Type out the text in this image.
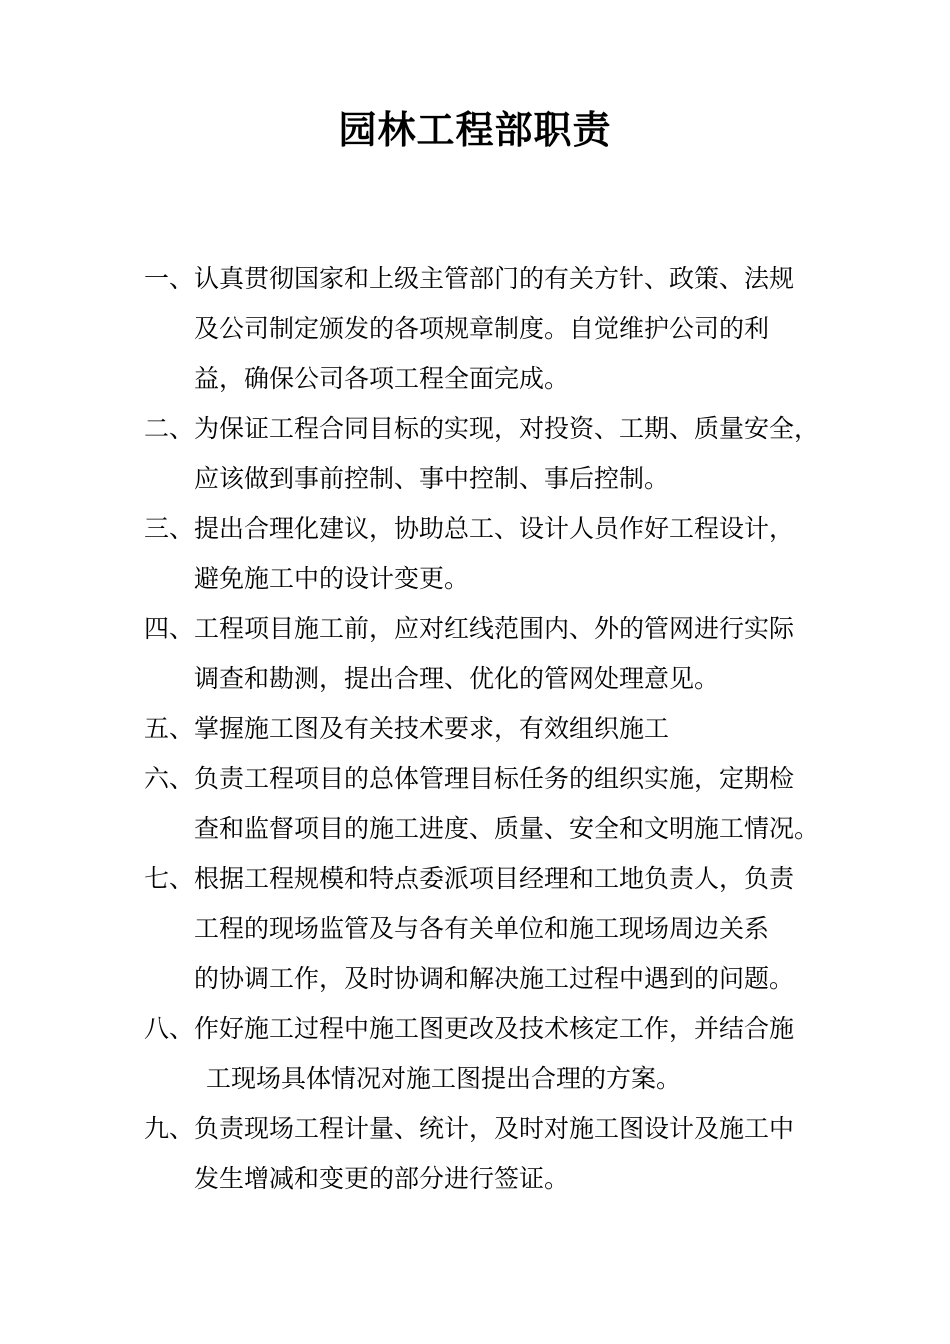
园林工程部职责
一、 认真贯彻国家和上级主管部门的有关方针、政策、法规
及公司制定颁发的各项规章制度。自觉维护公司的利
益，确保公司各项工程全面完成。
二、 为保证工程合同目标的实现，对投资、工期、质量安全，
应该做到事前控制、事中控制、事后控制。
三、 提出合理化建议，协助总工、设计人员作好工程设计，
避免施工中的设计变更。
四、 工程项目施工前，应对红线范围内、外的管网进行实际
调查和勘测，提出合理、优化的管网处理意见。
五、 掌握施工图及有关技术要求，有效组织施工
六、 负责工程项目的总体管理目标任务的组织实施，定期检
查和监督项目的施工进度、质量、安全和文明施工情况。
七、 根据工程规模和特点委派项目经理和工地负责人，负责
工程的现场监管及与各有关单位和施工现场周边关系
的协调工作，及时协调和解决施工过程中遇到的问题。
八、 作好施工过程中施工图更改及技术核定工作，并结合施
工现场具体情况对施工图提出合理的方案。
九、 负责现场工程计量、统计，及时对施工图设计及施工中
发生增减和变更的部分进行签证。
